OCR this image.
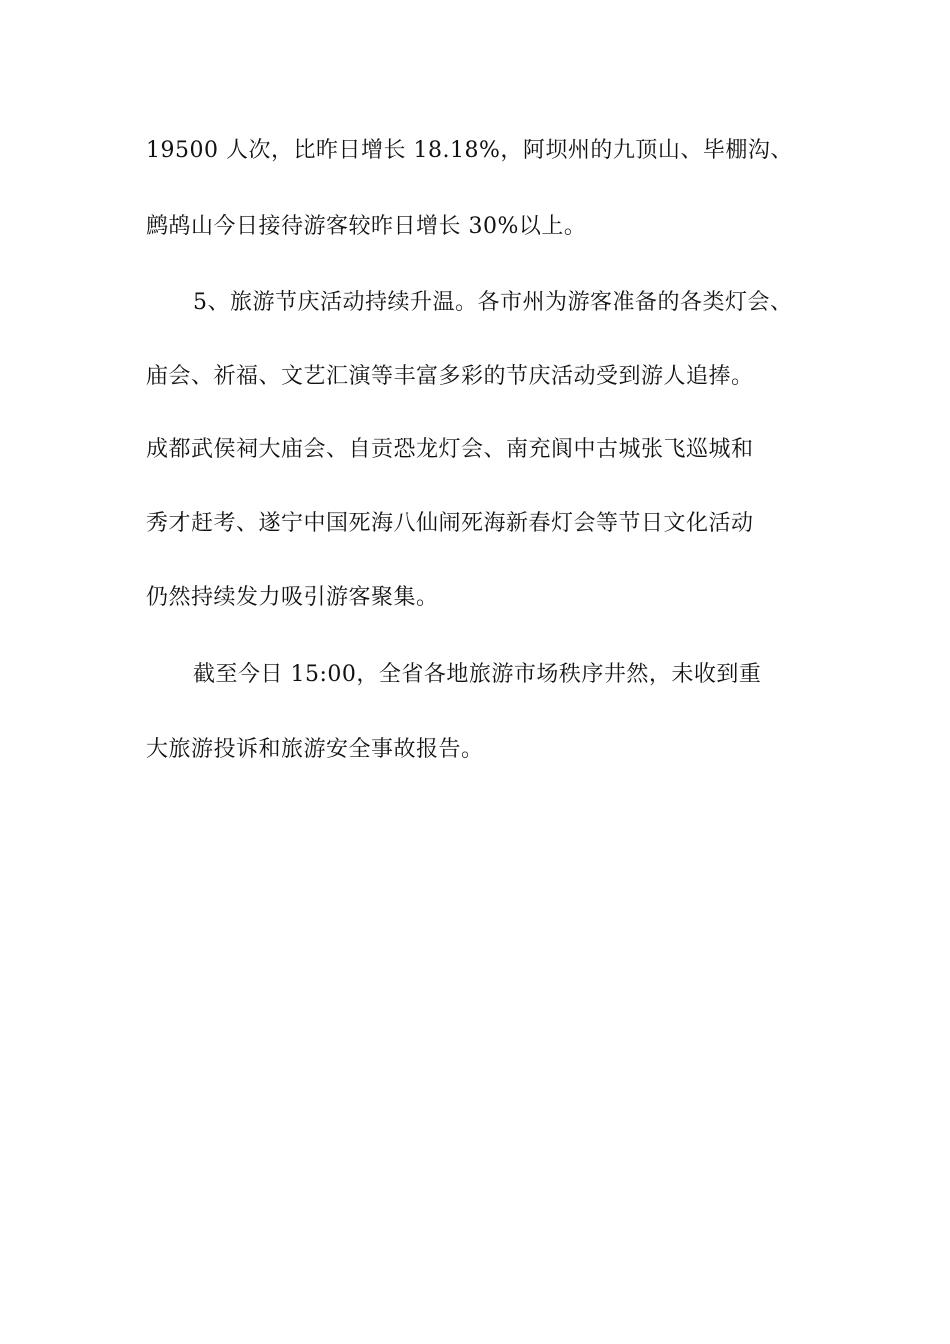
19500 人次，比昨日增长 18.18%，阿坝州的九顶山、毕棚沟、
鹧鸪山今日接待游客较昨日增长 30%以上。
5、旅游节庆活动持续升温。各市州为游客准备的各类灯会、
庙会、祈福、文艺汇演等丰富多彩的节庆活动受到游人追捧。
成都武侯祠大庙会、自贡恐龙灯会、南充阆中古城张飞巡城和
秀才赶考、遂宁中国死海八仙闹死海新春灯会等节日文化活动
仍然持续发力吸引游客聚集。
截至今日 15:00，全省各地旅游市场秩序井然，未收到重
大旅游投诉和旅游安全事故报告。
